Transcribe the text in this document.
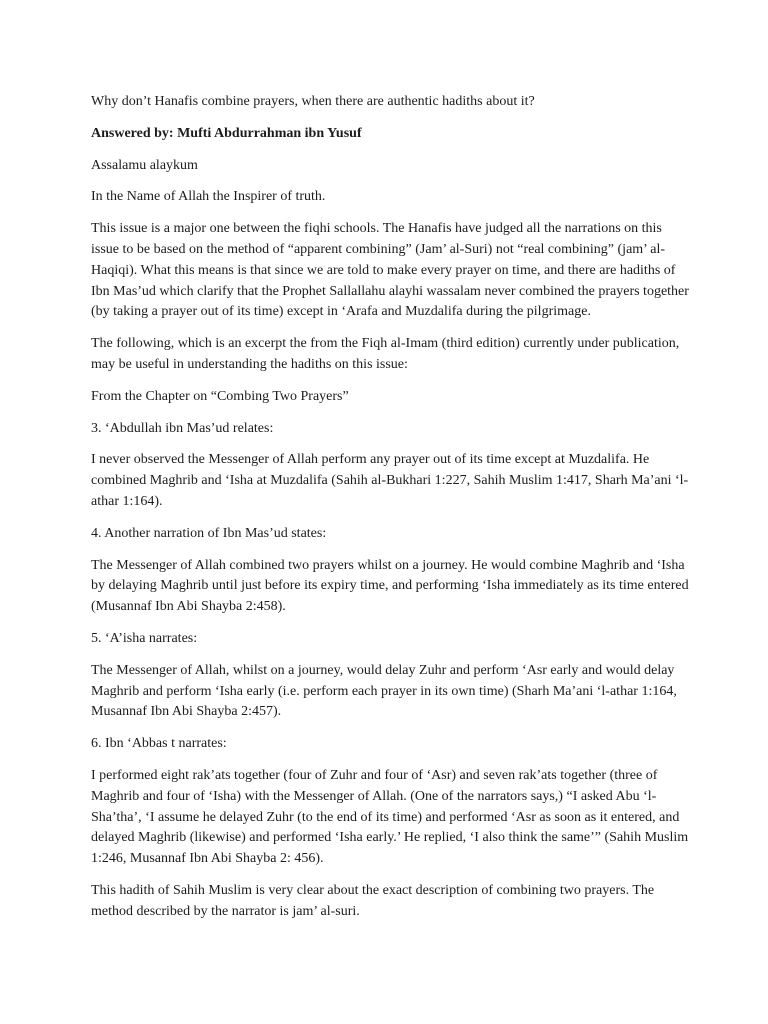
Why don’t Hanafis combine prayers, when there are authentic hadiths about it?

Answered by: Mufti Abdurrahman ibn Yusuf

Assalamu alaykum

In the Name of Allah the Inspirer of truth.

This issue is a major one between the fiqhi schools. The Hanafis have judged all the narrations on this issue to be based on the method of “apparent combining” (Jam’ al-Suri) not “real combining” (jam’ al-Haqiqi). What this means is that since we are told to make every prayer on time, and there are hadiths of Ibn Mas’ud which clarify that the Prophet Sallallahu alayhi wassalam never combined the prayers together (by taking a prayer out of its time) except in ‘Arafa and Muzdalifa during the pilgrimage.

The following, which is an excerpt the from the Fiqh al-Imam (third edition) currently under publication, may be useful in understanding the hadiths on this issue:

From the Chapter on “Combing Two Prayers”

3. ‘Abdullah ibn Mas’ud relates:

I never observed the Messenger of Allah perform any prayer out of its time except at Muzdalifa. He combined Maghrib and ‘Isha at Muzdalifa (Sahih al-Bukhari 1:227, Sahih Muslim 1:417, Sharh Ma’ani ‘l-athar 1:164).

4. Another narration of Ibn Mas’ud states:

The Messenger of Allah combined two prayers whilst on a journey. He would combine Maghrib and ‘Isha by delaying Maghrib until just before its expiry time, and performing ‘Isha immediately as its time entered (Musannaf Ibn Abi Shayba 2:458).

5. ‘A’isha narrates:

The Messenger of Allah, whilst on a journey, would delay Zuhr and perform ‘Asr early and would delay Maghrib and perform ‘Isha early (i.e. perform each prayer in its own time) (Sharh Ma’ani ‘l-athar 1:164, Musannaf Ibn Abi Shayba 2:457).

6. Ibn ‘Abbas t narrates:

I performed eight rak’ats together (four of Zuhr and four of ‘Asr) and seven rak’ats together (three of Maghrib and four of ‘Isha) with the Messenger of Allah. (One of the narrators says,) “I asked Abu ‘l-Sha’tha’, ‘I assume he delayed Zuhr (to the end of its time) and performed ‘Asr as soon as it entered, and delayed Maghrib (likewise) and performed ‘Isha early.’ He replied, ‘I also think the same’” (Sahih Muslim 1:246, Musannaf Ibn Abi Shayba 2: 456).

This hadith of Sahih Muslim is very clear about the exact description of combining two prayers. The method described by the narrator is jam’ al-suri.
